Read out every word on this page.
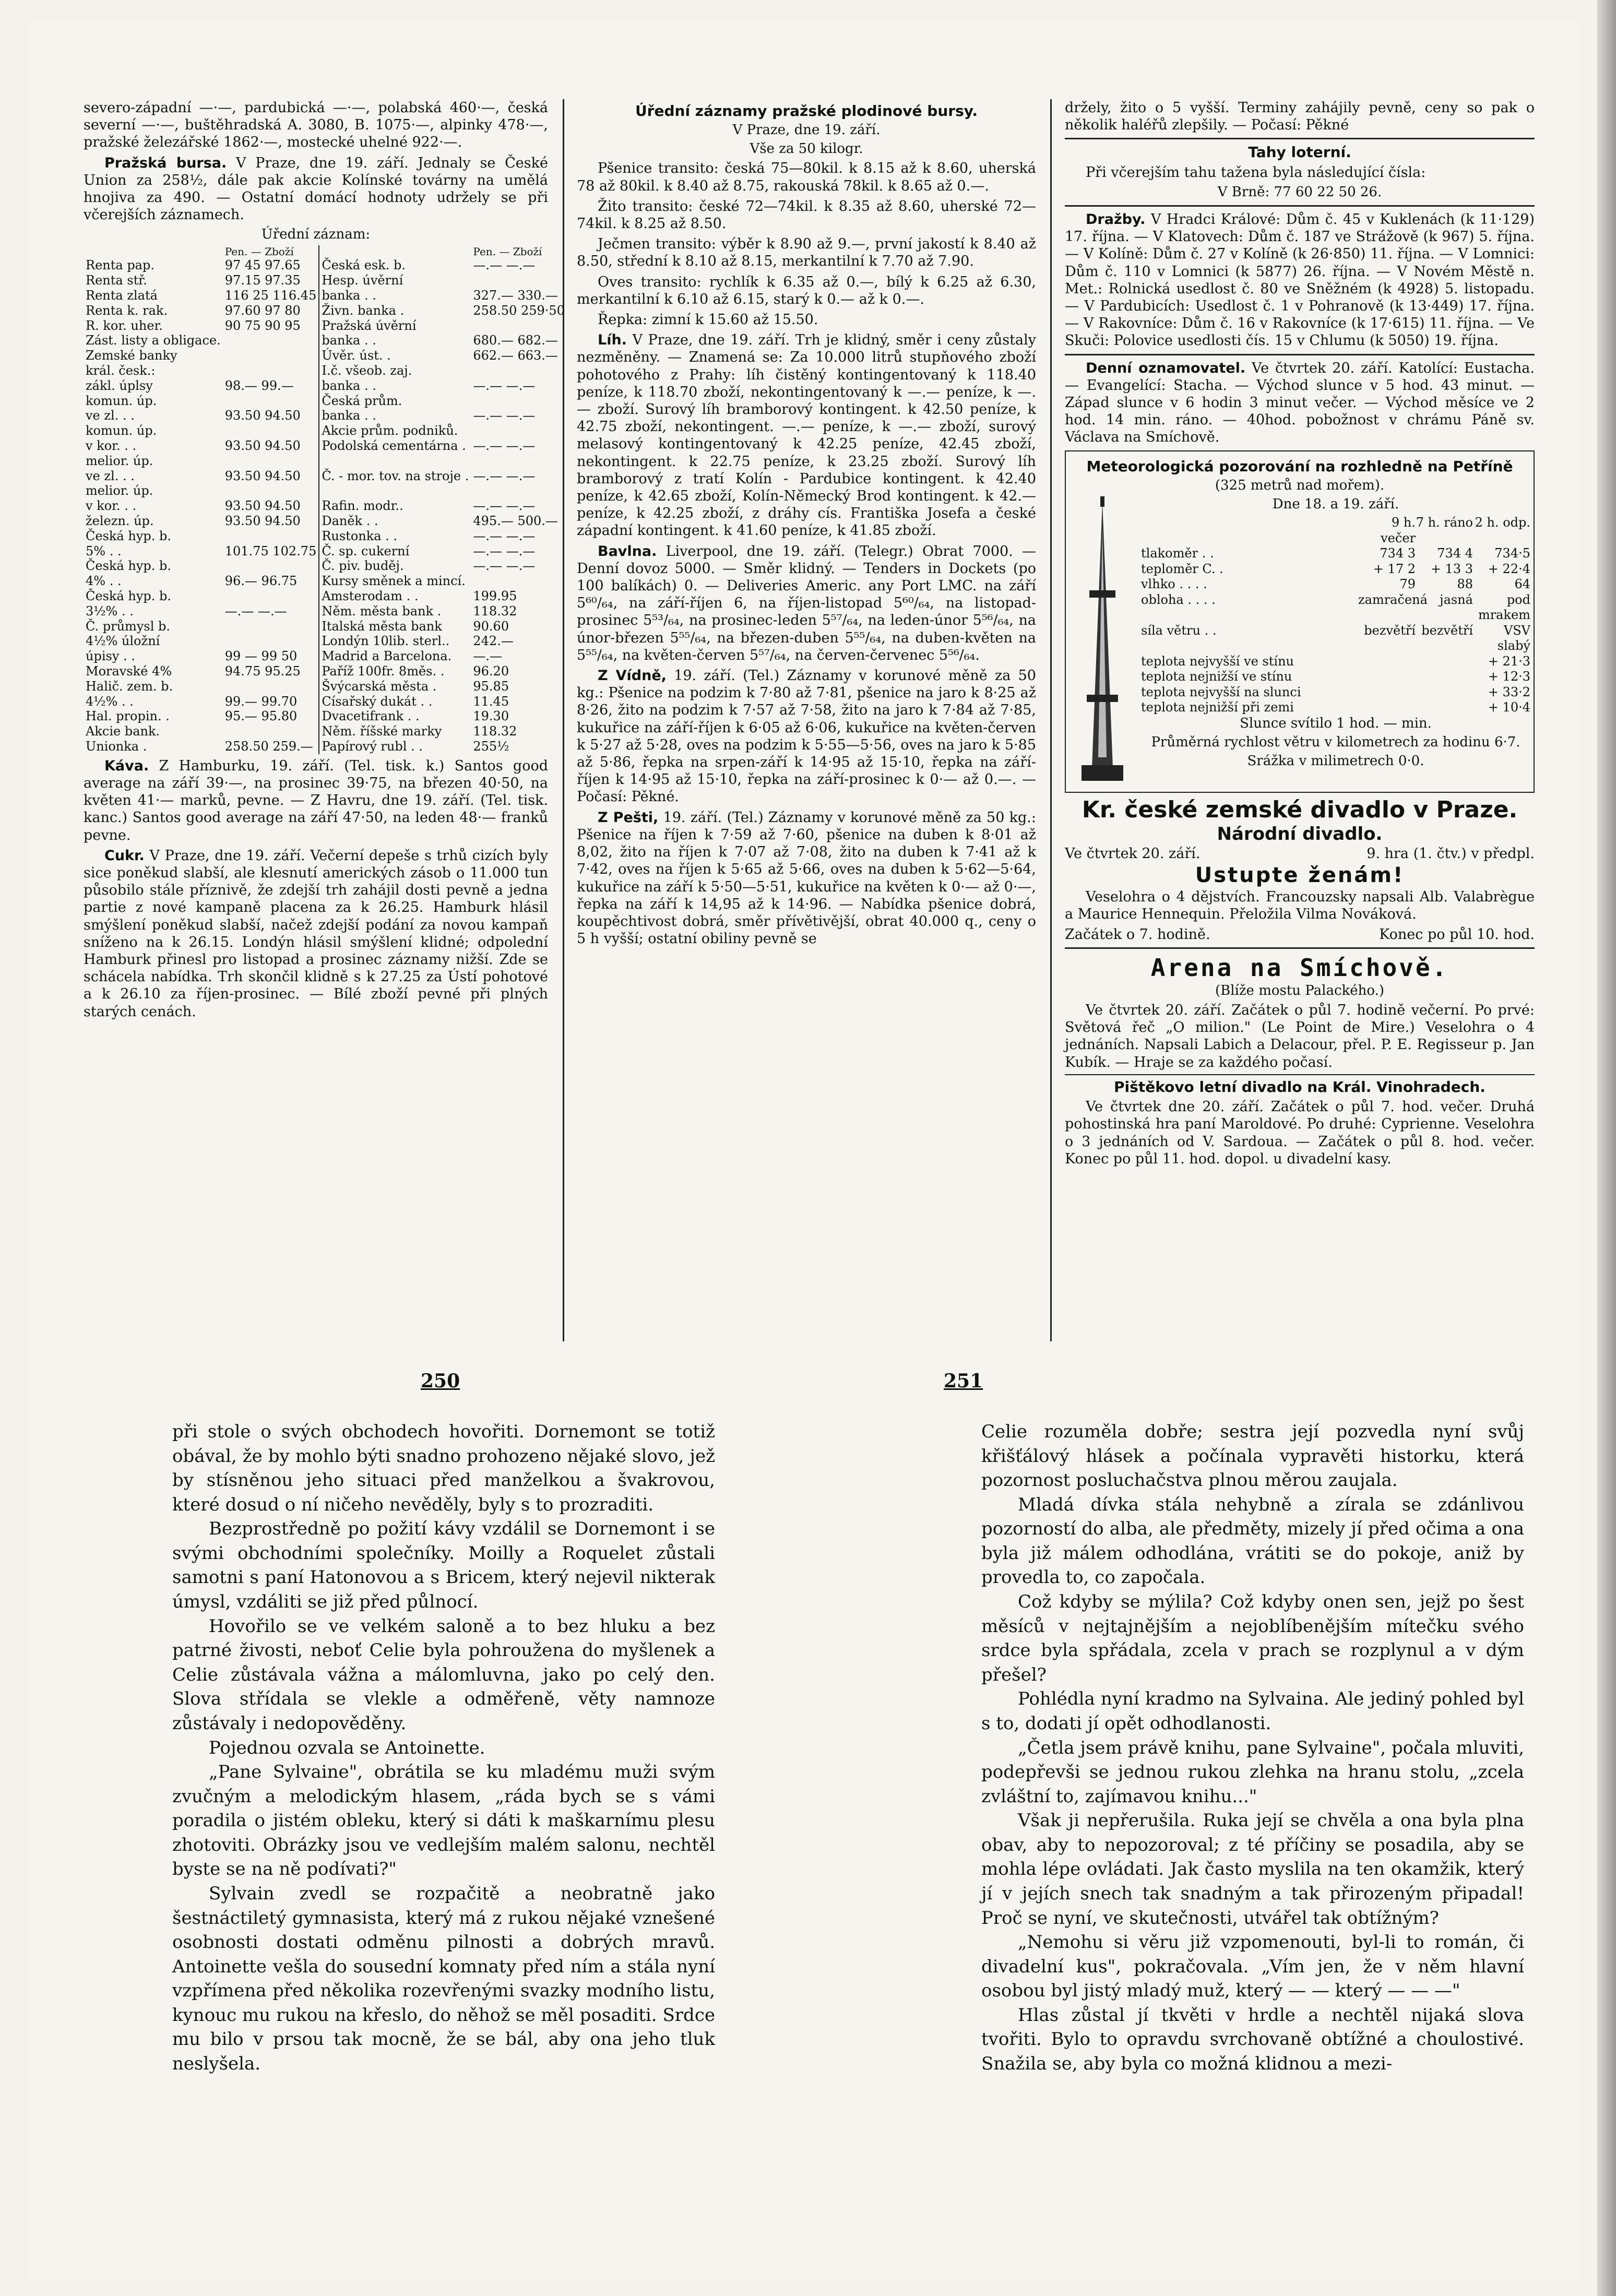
severo-západní —·—, pardubická —·—, polabská 460·—, česká severní —·—, buštěhradská A. 3080, B. 1075·—, alpinky 478·—, pražské železářské 1862·—, mostecké uhelné 922·—.

Pražská bursa. V Praze, dne 19. září. Jednaly se České Union za 258½, dále pak akcie Kolínské továrny na umělá hnojiva za 490. — Ostatní domácí hodnoty udržely se při včerejších záznamech.

Úřední záznam:
	Pen. — Zboží		Pen. — Zboží
Renta pap.	97 45 97.65	Česká esk. b.	—.— —.—
Renta stř.	97.15 97.35	Hesp. úvěrní	
Renta zlatá	116 25 116.45	banka . .	327.— 330.—
Renta k. rak.	97.60 97 80	Živn. banka .	258.50 259·50
R. kor. uher.	90 75 90 95	Pražská úvěrní	
Zást. listy a obligace.		banka . .	680.— 682.—
Zemské banky		Úvěr. úst. .	662.— 663.—
král. česk.:		I.č. všeob. zaj.	
zákl. úplsy	98.— 99.—	banka . .	—.— —.—
komun. úp.		Česká prům.	
ve zl. . .	93.50 94.50	banka . .	—.— —.—
komun. úp.		Akcie prům. podniků.	
v kor. . .	93.50 94.50	Podolská cementárna .	—.— —.—
melior. úp.			
ve zl. . .	93.50 94.50	Č. - mor. tov. na stroje .	—.— —.—
melior. úp.			
v kor. . .	93.50 94.50	Rafin. modr..	—.— —.—
železn. úp.	93.50 94.50	Daněk . .	495.— 500.—
Česká hyp. b.		Rustonka . .	—.— —.—
5% . .	101.75 102.75	Č. sp. cukerní	—.— —.—
Česká hyp. b.		Č. piv. buděj.	—.— —.—
4% . .	96.— 96.75	Kursy směnek a mincí.	
Česká hyp. b.		Amsterodam . .	199.95
3½% . .	—.— —.—	Něm. města bank .	118.32
Č. průmysl b.		Italská města bank	90.60
4½% úložní		Londýn 10lib. sterl..	242.—
úpisy . .	99 — 99 50	Madrid a Barcelona.	—.—
Moravské 4%	94.75 95.25	Paříž 100fr. 8měs. .	96.20
Halič. zem. b.		Švýcarská města .	95.85
4½% . .	99.— 99.70	Císařský dukát . .	11.45
Hal. propin. .	95.— 95.80	Dvacetifrank . .	19.30
Akcie bank.		Něm. říšské marky	118.32
Unionka .	258.50 259.—	Papírový rubl . .	255½

Káva. Z Hamburku, 19. září. (Tel. tisk. k.) Santos good average na září 39·—, na prosinec 39·75, na březen 40·50, na květen 41·— marků, pevne. — Z Havru, dne 19. září. (Tel. tisk. kanc.) Santos good average na září 47·50, na leden 48·— franků pevne.

Cukr. V Praze, dne 19. září. Večerní depeše s trhů cizích byly sice poněkud slabší, ale klesnutí amerických zásob o 11.000 tun působilo stále příznivě, že zdejší trh zahájil dosti pevně a jedna partie z nové kampaně placena za k 26.25. Hamburk hlásil smýšlení poněkud slabší, načež zdejší podání za novou kampaň sníženo na k 26.15. Londýn hlásil smýšlení klidné; odpolední Hamburk přinesl pro listopad a prosinec záznamy nižší. Zde se schácela nabídka. Trh skončil klidně s k 27.25 za Ústí pohotové a k 26.10 za říjen-prosinec. — Bílé zboží pevné při plných starých cenách.

Úřední záznamy pražské plodinové bursy.
V Praze, dne 19. září.
Vše za 50 kilogr.

Pšenice transito: česká 75—80kil. k 8.15 až k 8.60, uherská 78 až 80kil. k 8.40 až 8.75, rakouská 78kil. k 8.65 až 0.—.

Žito transito: české 72—74kil. k 8.35 až 8.60, uherské 72—74kil. k 8.25 až 8.50.

Ječmen transito: výběr k 8.90 až 9.—, první jakostí k 8.40 až 8.50, střední k 8.10 až 8.15, merkantilní k 7.70 až 7.90.

Oves transito: rychlík k 6.35 až 0.—, bílý k 6.25 až 6.30, merkantilní k 6.10 až 6.15, starý k 0.— až k 0.—.

Řepka: zimní k 15.60 až 15.50.

Líh. V Praze, dne 19. září. Trh je klidný, směr i ceny zůstaly nezměněny. — Znamená se: Za 10.000 litrů stupňového zboží pohotového z Prahy: líh čistěný kontingentovaný k 118.40 peníze, k 118.70 zboží, nekontingentovaný k —.— peníze, k —.— zboží. Surový líh bramborový kontingent. k 42.50 peníze, k 42.75 zboží, nekontingent. —.— peníze, k —.— zboží, surový melasový kontingentovaný k 42.25 peníze, 42.45 zboží, nekontingent. k 22.75 peníze, k 23.25 zboží. Surový líh bramborový z tratí Kolín - Pardubice kontingent. k 42.40 peníze, k 42.65 zboží, Kolín-Německý Brod kontingent. k 42.— peníze, k 42.25 zboží, z dráhy cís. Františka Josefa a české západní kontingent. k 41.60 peníze, k 41.85 zboží.

Bavlna. Liverpool, dne 19. září. (Telegr.) Obrat 7000. — Denní dovoz 5000. — Směr klidný. — Tenders in Dockets (po 100 balíkách) 0. — Deliveries Americ. any Port LMC. na září 5⁶⁰/₆₄, na září-říjen 6, na říjen-listopad 5⁶⁰/₆₄, na listopad-prosinec 5⁵³/₆₄, na prosinec-leden 5⁵⁷/₆₄, na leden-únor 5⁵⁶/₆₄, na únor-březen 5⁵⁵/₆₄, na březen-duben 5⁵⁵/₆₄, na duben-květen na 5⁵⁵/₆₄, na květen-červen 5⁵⁷/₆₄, na červen-červenec 5⁵⁶/₆₄.

Z Vídně, 19. září. (Tel.) Záznamy v korunové měně za 50 kg.: Pšenice na podzim k 7·80 až 7·81, pšenice na jaro k 8·25 až 8·26, žito na podzim k 7·57 až 7·58, žito na jaro k 7·84 až 7·85, kukuřice na září-říjen k 6·05 až 6·06, kukuřice na květen-červen k 5·27 až 5·28, oves na podzim k 5·55—5·56, oves na jaro k 5·85 až 5·86, řepka na srpen-září k 14·95 až 15·10, řepka na září-říjen k 14·95 až 15·10, řepka na září-prosinec k 0·— až 0.—. — Počasí: Pěkné.

Z Pešti, 19. září. (Tel.) Záznamy v korunové měně za 50 kg.: Pšenice na říjen k 7·59 až 7·60, pšenice na duben k 8·01 až 8,02, žito na říjen k 7·07 až 7·08, žito na duben k 7·41 až k 7·42, oves na říjen k 5·65 až 5·66, oves na duben k 5·62—5·64, kukuřice na září k 5·50—5·51, kukuřice na květen k 0·— až 0·—, řepka na září k 14,95 až k 14·96. — Nabídka pšenice dobrá, koupěchtivost dobrá, směr přívětivější, obrat 40.000 q., ceny o 5 h vyšší; ostatní obiliny pevně se

držely, žito o 5 vyšší. Terminy zahájily pevně, ceny so pak o několik haléřů zlepšily. — Počasí: Pěkné

Tahy loterní.

Při včerejším tahu tažena byla následující čísla:

V Brně: 77 60 22 50 26.

Dražby. V Hradci Králové: Dům č. 45 v Kuklenách (k 11·129) 17. října. — V Klatovech: Dům č. 187 ve Strážově (k 967) 5. října. — V Kolíně: Dům č. 27 v Kolíně (k 26·850) 11. října. — V Lomnici: Dům č. 110 v Lomnici (k 5877) 26. října. — V Novém Městě n. Met.: Rolnická usedlost č. 80 ve Sněžném (k 4928) 5. listopadu. — V Pardubicích: Usedlost č. 1 v Pohranově (k 13·449) 17. října. — V Rakovníce: Dům č. 16 v Rakovníce (k 17·615) 11. října. — Ve Skuči: Polovice usedlosti čís. 15 v Chlumu (k 5050) 19. října.

Denní oznamovatel. Ve čtvrtek 20. září. Katolící: Eustacha. — Evangelící: Stacha. — Východ slunce v 5 hod. 43 minut. — Západ slunce v 6 hodin 3 minut večer. — Východ měsíce ve 2 hod. 14 min. ráno. — 40hod. pobožnost v chrámu Páně sv. Václava na Smíchově.

Meteorologická pozorování na rozhledně na Petříně
(325 metrů nad mořem).
Dne 18. a 19. září.
9 h. večer
7 h. ráno 2 h. odp.
tlakoměr . .	734 3	734 4	734·5
teploměr C. .	+ 17 2	+ 13 3	+ 22·4
vlhko . . . .	79	88	64
obloha . . . .	zamračená jasná	pod mrakem
síla větru . .	bezvětří bezvětří	VSV slabý
teplota nejvyšší ve stínu	+ 21·3
teplota nejnižší ve stínu	+ 12·3
teplota nejvyšší na slunci	+ 33·2
teplota nejnižší při zemi	+ 10·4
Slunce svítilo 1 hod. — min.
Průměrná rychlost větru v kilometrech za hodinu 6·7.
Srážka v milimetrech 0·0.
Kr. české zemské divadlo v Praze.
Národní divadlo.
Ve čtvrtek 20. září.	9. hra (1. čtv.) v předpl.
Ustupte ženám!

Veselohra o 4 dějstvích. Francouzsky napsali Alb. Valabrègue a Maurice Hennequin. Přeložila Vilma Nováková.

Začátek o 7. hodině.	Konec po půl 10. hod.
Arena na Smíchově.
(Blíže mostu Palackého.)

Ve čtvrtek 20. září. Začátek o půl 7. hodině večerní. Po prvé: Světová řeč „O milion." (Le Point de Mire.) Veselohra o 4 jednáních. Napsali Labich a Delacour, přel. P. E. Regisseur p. Jan Kubík. — Hraje se za každého počasí.

Pištěkovo letní divadlo na Král. Vinohradech.

Ve čtvrtek dne 20. září. Začátek o půl 7. hod. večer. Druhá pohostinská hra paní Maroldové. Po druhé: Cyprienne. Veselohra o 3 jednáních od V. Sardoua. — Začátek o půl 8. hod. večer. Konec po půl 11. hod. dopol. u divadelní kasy.

250	251

při stole o svých obchodech hovořiti. Dornemont se totiž obával, že by mohlo býti snadno prohozeno nějaké slovo, jež by stísněnou jeho situaci před manželkou a švakrovou, které dosud o ní ničeho nevěděly, byly s to prozraditi.

Bezprostředně po požití kávy vzdálil se Dornemont i se svými obchodními společníky. Moilly a Roquelet zůstali samotni s paní Hatonovou a s Bricem, který nejevil nikterak úmysl, vzdáliti se již před půlnocí.

Hovořilo se ve velkém saloně a to bez hluku a bez patrné živosti, neboť Celie byla pohroužena do myšlenek a Celie zůstávala vážna a málomluvna, jako po celý den. Slova střídala se vlekle a odměřeně, věty namnoze zůstávaly i nedopověděny.

Pojednou ozvala se Antoinette.

„Pane Sylvaine", obrátila se ku mladému muži svým zvučným a melodickým hlasem, „ráda bych se s vámi poradila o jistém obleku, který si dáti k maškarnímu plesu zhotoviti. Obrázky jsou ve vedlejším malém salonu, nechtěl byste se na ně podívati?"

Sylvain zvedl se rozpačitě a neobratně jako šestnáctiletý gymnasista, který má z rukou nějaké vznešené osobnosti dostati odměnu pilnosti a dobrých mravů. Antoinette vešla do sousední komnaty před ním a stála nyní vzpřímena před několika rozevřenými svazky modního listu, kynouc mu rukou na křeslo, do něhož se měl posaditi. Srdce mu bilo v prsou tak mocně, že se bál, aby ona jeho tluk neslyšela.

Celie rozuměla dobře; sestra její pozvedla nyní svůj křišťálový hlásek a počínala vypravěti historku, která pozornost posluchačstva plnou měrou zaujala.

Mladá dívka stála nehybně a zírala se zdánlivou pozorností do alba, ale předměty, mizely jí před očima a ona byla již málem odhodlána, vrátiti se do pokoje, aniž by provedla to, co započala.

Což kdyby se mýlila? Což kdyby onen sen, jejž po šest měsíců v nejtajnějším a nejoblíbenějším mítečku svého srdce byla spřádala, zcela v prach se rozplynul a v dým přešel?

Pohlédla nyní kradmo na Sylvaina. Ale jediný pohled byl s to, dodati jí opět odhodlanosti.

„Četla jsem právě knihu, pane Sylvaine", počala mluviti, podepřevši se jednou rukou zlehka na hranu stolu, „zcela zvláštní to, zajímavou knihu..."

Však ji nepřerušila. Ruka její se chvěla a ona byla plna obav, aby to nepozoroval; z té příčiny se posadila, aby se mohla lépe ovládati. Jak často myslila na ten okamžik, který jí v jejích snech tak snadným a tak přirozeným připadal! Proč se nyní, ve skutečnosti, utvářel tak obtížným?

„Nemohu si věru již vzpomenouti, byl-li to román, či divadelní kus", pokračovala. „Vím jen, že v něm hlavní osobou byl jistý mladý muž, který — — který — — —"

Hlas zůstal jí tkvěti v hrdle a nechtěl nijaká slova tvořiti. Bylo to opravdu svrchovaně obtížné a choulostivé. Snažila se, aby byla co možná klidnou a mezi-
